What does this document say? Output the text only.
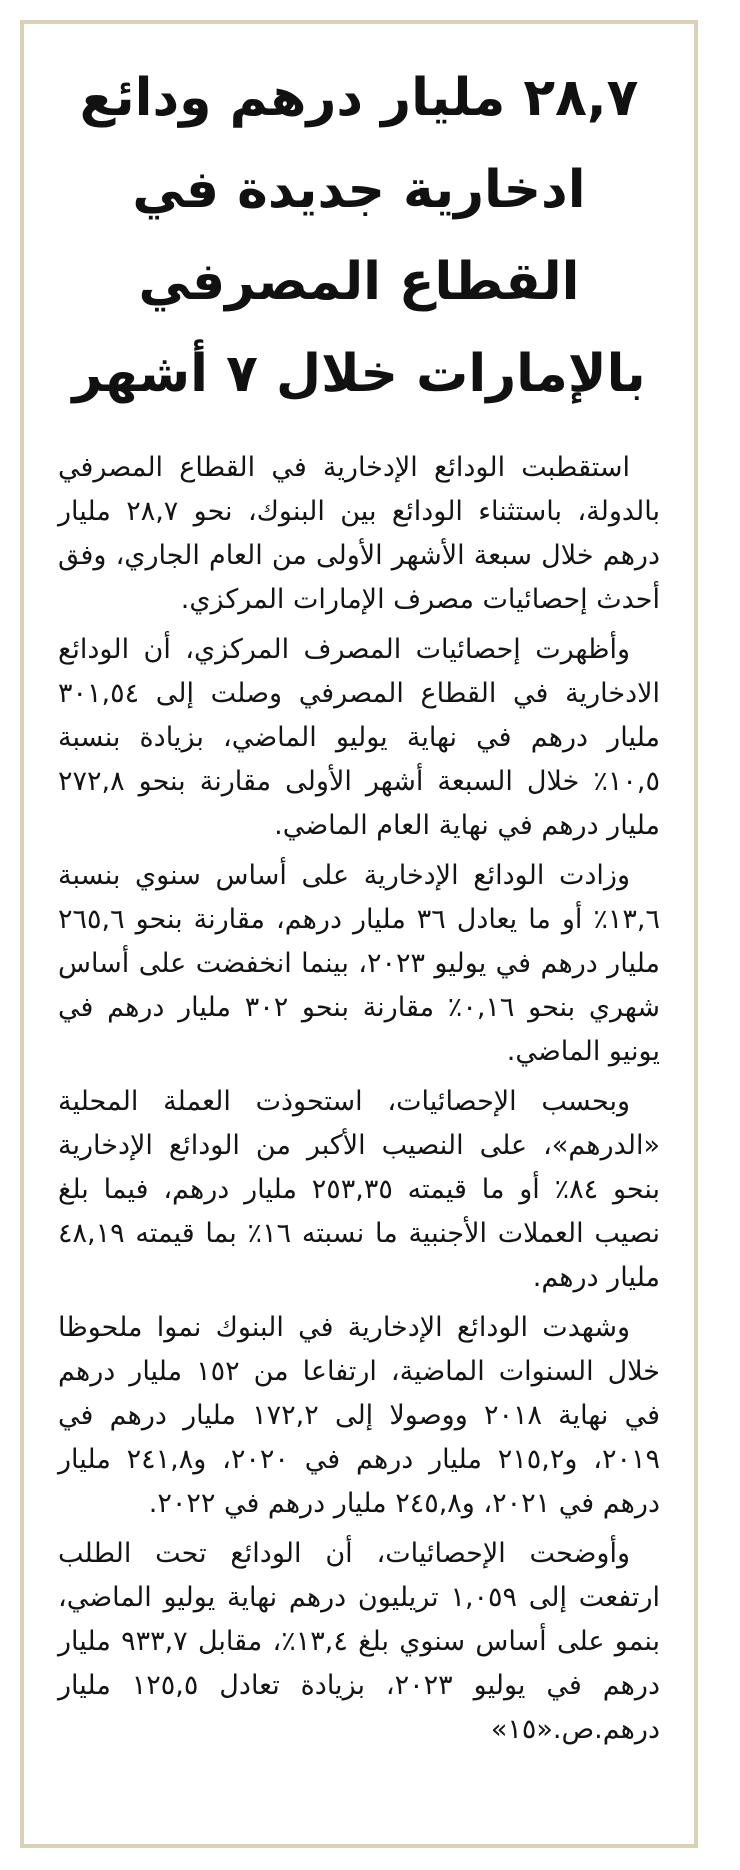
٢٨,٧ مليار درهم ودائع ادخارية جديدة في القطاع المصرفي بالإمارات خلال ٧ أشهر

استقطبت الودائع الإدخارية في القطاع المصرفي بالدولة، باستثناء الودائع بين البنوك، نحو ٢٨,٧ مليار درهم خلال سبعة الأشهر الأولى من العام الجاري، وفق أحدث إحصائيات مصرف الإمارات المركزي.

وأظهرت إحصائيات المصرف المركزي، أن الودائع الادخارية في القطاع المصرفي وصلت إلى ٣٠١,٥٤ مليار درهم في نهاية يوليو الماضي، بزيادة بنسبة ١٠,٥٪ خلال السبعة أشهر الأولى مقارنة بنحو ٢٧٢,٨ مليار درهم في نهاية العام الماضي.

وزادت الودائع الإدخارية على أساس سنوي بنسبة ١٣,٦٪ أو ما يعادل ٣٦ مليار درهم، مقارنة بنحو ٢٦٥,٦ مليار درهم في يوليو ٢٠٢٣، بينما انخفضت على أساس شهري بنحو ٠,١٦٪ مقارنة بنحو ٣٠٢ مليار درهم في يونيو الماضي.

وبحسب الإحصائيات، استحوذت العملة المحلية «الدرهم»، على النصيب الأكبر من الودائع الإدخارية بنحو ٨٤٪ أو ما قيمته ٢٥٣,٣٥ مليار درهم، فيما بلغ نصيب العملات الأجنبية ما نسبته ١٦٪ بما قيمته ٤٨,١٩ مليار درهم.

وشهدت الودائع الإدخارية في البنوك نموا ملحوظا خلال السنوات الماضية، ارتفاعا من ١٥٢ مليار درهم في نهاية ٢٠١٨ ووصولا إلى ١٧٢,٢ مليار درهم في ٢٠١٩، و٢١٥,٢ مليار درهم في ٢٠٢٠، و٢٤١,٨ مليار درهم في ٢٠٢١، و٢٤٥,٨ مليار درهم في ٢٠٢٢.

وأوضحت الإحصائيات، أن الودائع تحت الطلب ارتفعت إلى ١,٠٥٩ تريليون درهم نهاية يوليو الماضي، بنمو على أساس سنوي بلغ ١٣,٤٪، مقابل ٩٣٣,٧ مليار درهم في يوليو ٢٠٢٣، بزيادة تعادل ١٢٥,٥ مليار درهم.ص.«١٥»
